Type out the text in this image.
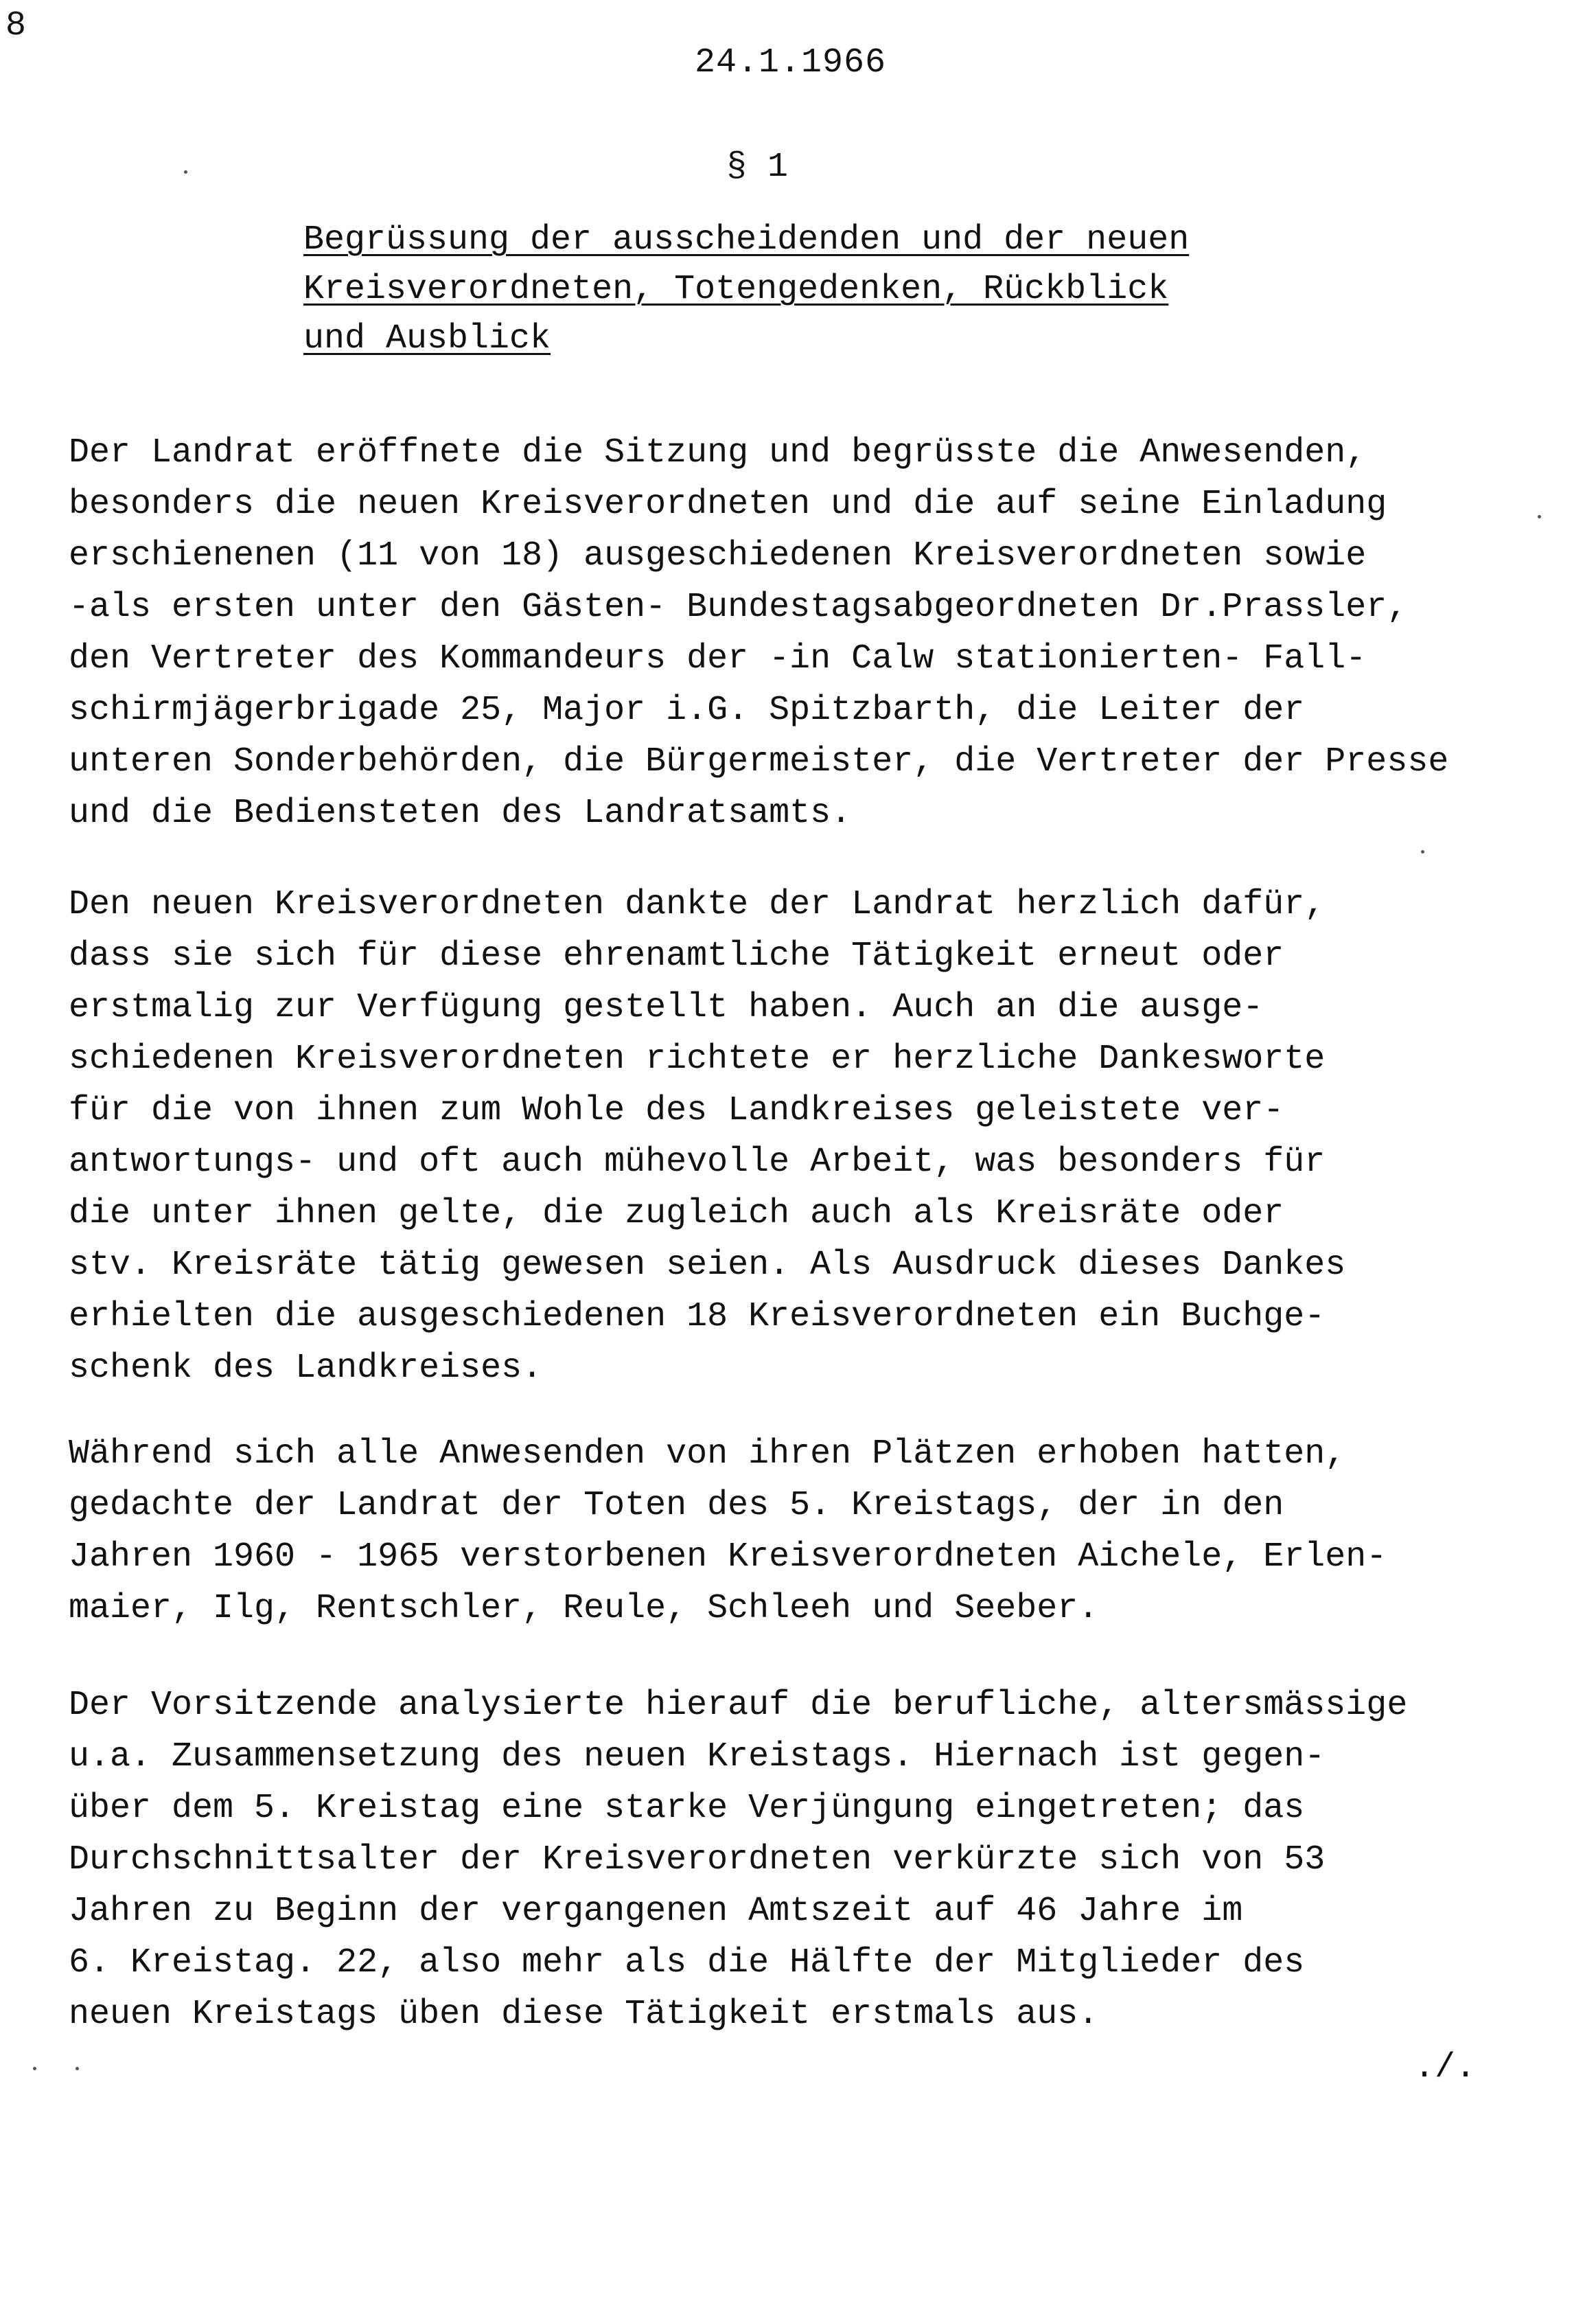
8
24.1.1966
§ 1
Begrüssung der ausscheidenden und der neuen
Kreisverordneten, Totengedenken, Rückblick
und Ausblick
Der Landrat eröffnete die Sitzung und begrüsste die Anwesenden,
besonders die neuen Kreisverordneten und die auf seine Einladung
erschienenen (11 von 18) ausgeschiedenen Kreisverordneten sowie
-als ersten unter den Gästen- Bundestagsabgeordneten Dr.Prassler,
den Vertreter des Kommandeurs der -in Calw stationierten- Fall-
schirmjägerbrigade 25, Major i.G. Spitzbarth, die Leiter der
unteren Sonderbehörden, die Bürgermeister, die Vertreter der Presse
und die Bediensteten des Landratsamts.
Den neuen Kreisverordneten dankte der Landrat herzlich dafür,
dass sie sich für diese ehrenamtliche Tätigkeit erneut oder
erstmalig zur Verfügung gestellt haben. Auch an die ausge-
schiedenen Kreisverordneten richtete er herzliche Dankesworte
für die von ihnen zum Wohle des Landkreises geleistete ver-
antwortungs- und oft auch mühevolle Arbeit, was besonders für
die unter ihnen gelte, die zugleich auch als Kreisräte oder
stv. Kreisräte tätig gewesen seien. Als Ausdruck dieses Dankes
erhielten die ausgeschiedenen 18 Kreisverordneten ein Buchge-
schenk des Landkreises.
Während sich alle Anwesenden von ihren Plätzen erhoben hatten,
gedachte der Landrat der Toten des 5. Kreistags, der in den
Jahren 1960 - 1965 verstorbenen Kreisverordneten Aichele, Erlen-
maier, Ilg, Rentschler, Reule, Schleeh und Seeber.
Der Vorsitzende analysierte hierauf die berufliche, altersmässige
u.a. Zusammensetzung des neuen Kreistags. Hiernach ist gegen-
über dem 5. Kreistag eine starke Verjüngung eingetreten; das
Durchschnittsalter der Kreisverordneten verkürzte sich von 53
Jahren zu Beginn der vergangenen Amtszeit auf 46 Jahre im
6. Kreistag. 22, also mehr als die Hälfte der Mitglieder des
neuen Kreistags üben diese Tätigkeit erstmals aus.
./.
